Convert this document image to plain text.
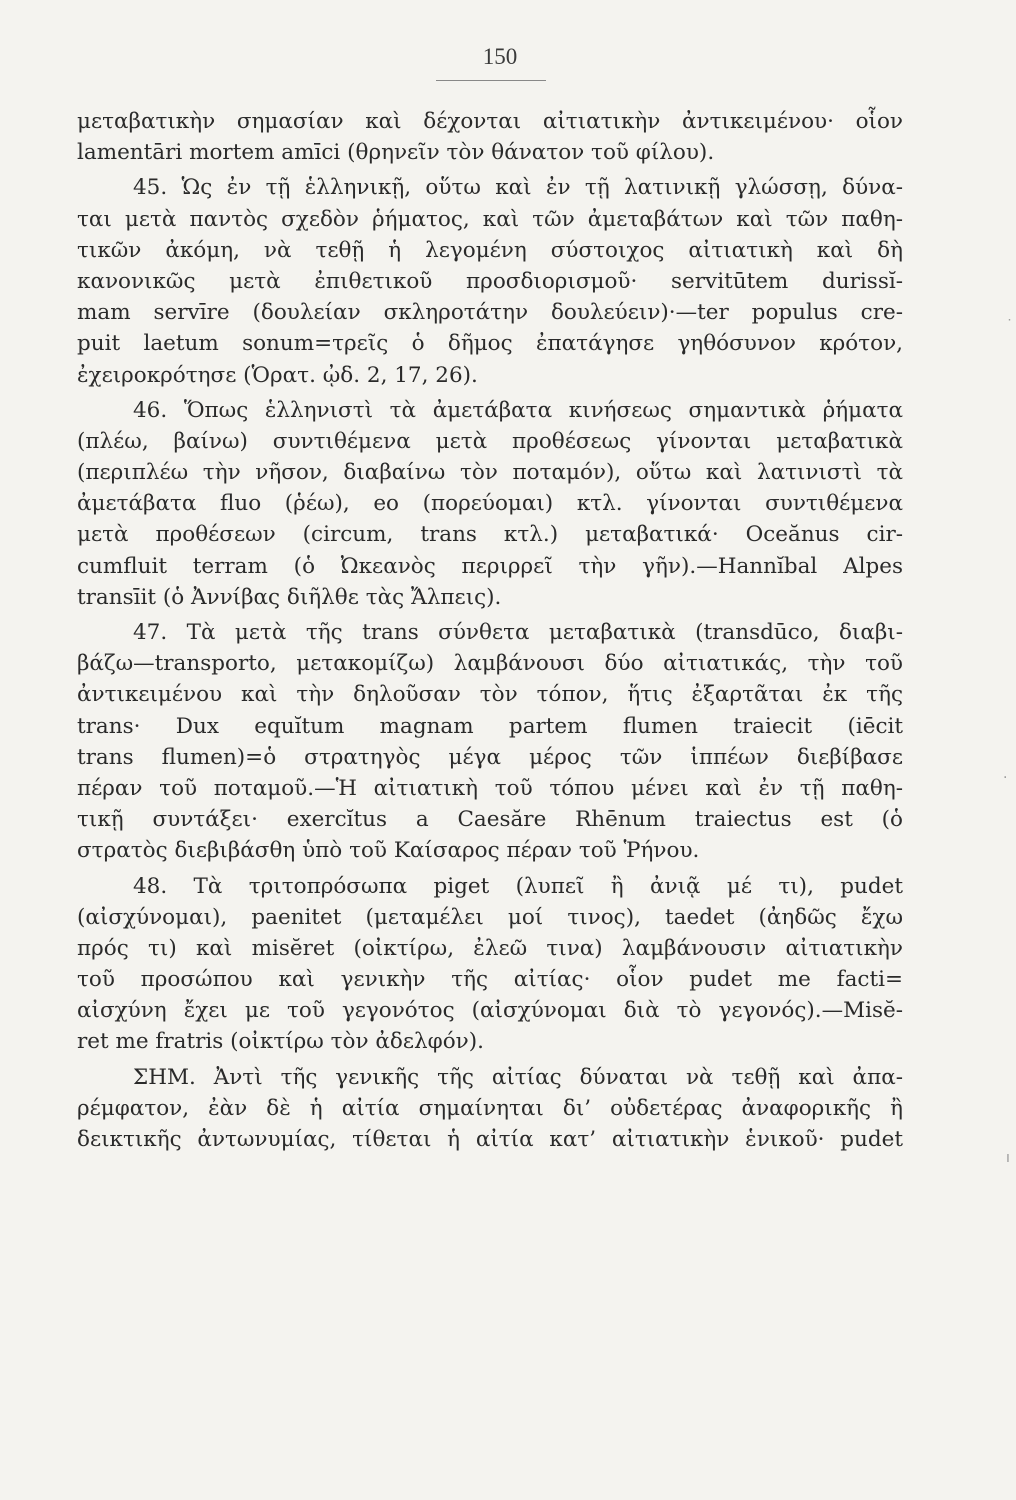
150
μεταβατικὴν σημασίαν καὶ δέχονται αἰτιατικὴν ἀντικειμένου· οἷον
lamentāri mortem amīci (θρηνεῖν τὸν θάνατον τοῦ φίλου).
45. Ὡς ἐν τῇ ἑλληνικῇ, οὕτω καὶ ἐν τῇ λατινικῇ γλώσσῃ, δύνα-
ται μετὰ παντὸς σχεδὸν ῥήματος, καὶ τῶν ἀμεταβάτων καὶ τῶν παθη-
τικῶν ἀκόμη, νὰ τεθῇ ἡ λεγομένη σύστοιχος αἰτιατικὴ καὶ δὴ
κανονικῶς μετὰ ἐπιθετικοῦ προσδιορισμοῦ· servitūtem durissĭ-
mam servīre (δουλείαν σκληροτάτην δουλεύειν)·—ter populus cre-
puit laetum sonum=τρεῖς ὁ δῆμος ἐπατάγησε γηθόσυνον κρότον,
ἐχειροκρότησε (Ὁρατ. ᾠδ. 2, 17, 26).
46. Ὅπως ἑλληνιστὶ τὰ ἀμετάβατα κινήσεως σημαντικὰ ῥήματα
(πλέω, βαίνω) συντιθέμενα μετὰ προθέσεως γίνονται μεταβατικὰ
(περιπλέω τὴν νῆσον, διαβαίνω τὸν ποταμόν), οὕτω καὶ λατινιστὶ τὰ
ἀμετάβατα fluo (ῥέω), eo (πορεύομαι) κτλ. γίνονται συντιθέμενα
μετὰ προθέσεων (circum, trans κτλ.) μεταβατικά· Oceănus cir-
cumfluit terram (ὁ Ὠκεανὸς περιρρεῖ τὴν γῆν).—Hannĭbal Alpes
transīit (ὁ Ἀννίβας διῆλθε τὰς Ἄλπεις).
47. Τὰ μετὰ τῆς trans σύνθετα μεταβατικὰ (transdūco, διαβι-
βάζω—transporto, μετακομίζω) λαμβάνουσι δύο αἰτιατικάς, τὴν τοῦ
ἀντικειμένου καὶ τὴν δηλοῦσαν τὸν τόπον, ἥτις ἐξαρτᾶται ἐκ τῆς
trans· Dux equĭtum magnam partem flumen traiecit (iēcit
trans flumen)=ὁ στρατηγὸς μέγα μέρος τῶν ἱππέων διεβίβασε
πέραν τοῦ ποταμοῦ.—Ἡ αἰτιατικὴ τοῦ τόπου μένει καὶ ἐν τῇ παθη-
τικῇ συντάξει· exercĭtus a Caesăre Rhēnum traiectus est (ὁ
στρατὸς διεβιβάσθη ὑπὸ τοῦ Καίσαρος πέραν τοῦ Ῥήνου.
48. Τὰ τριτοπρόσωπα piget (λυπεῖ ἢ ἀνιᾷ μέ τι), pudet
(αἰσχύνομαι), paenitet (μεταμέλει μοί τινος), taedet (ἀηδῶς ἔχω
πρός τι) καὶ misĕret (οἰκτίρω, ἐλεῶ τινα) λαμβάνουσιν αἰτιατικὴν
τοῦ προσώπου καὶ γενικὴν τῆς αἰτίας· οἷον pudet me facti=
αἰσχύνη ἔχει με τοῦ γεγονότος (αἰσχύνομαι διὰ τὸ γεγονός).—Misĕ-
ret me fratris (οἰκτίρω τὸν ἀδελφόν).
ΣΗΜ. Ἀντὶ τῆς γενικῆς τῆς αἰτίας δύναται νὰ τεθῇ καὶ ἀπα-
ρέμφατον, ἐὰν δὲ ἡ αἰτία σημαίνηται δι’ οὐδετέρας ἀναφορικῆς ἢ
δεικτικῆς ἀντωνυμίας, τίθεται ἡ αἰτία κατ’ αἰτιατικὴν ἑνικοῦ· pudet
˙
·
ı
